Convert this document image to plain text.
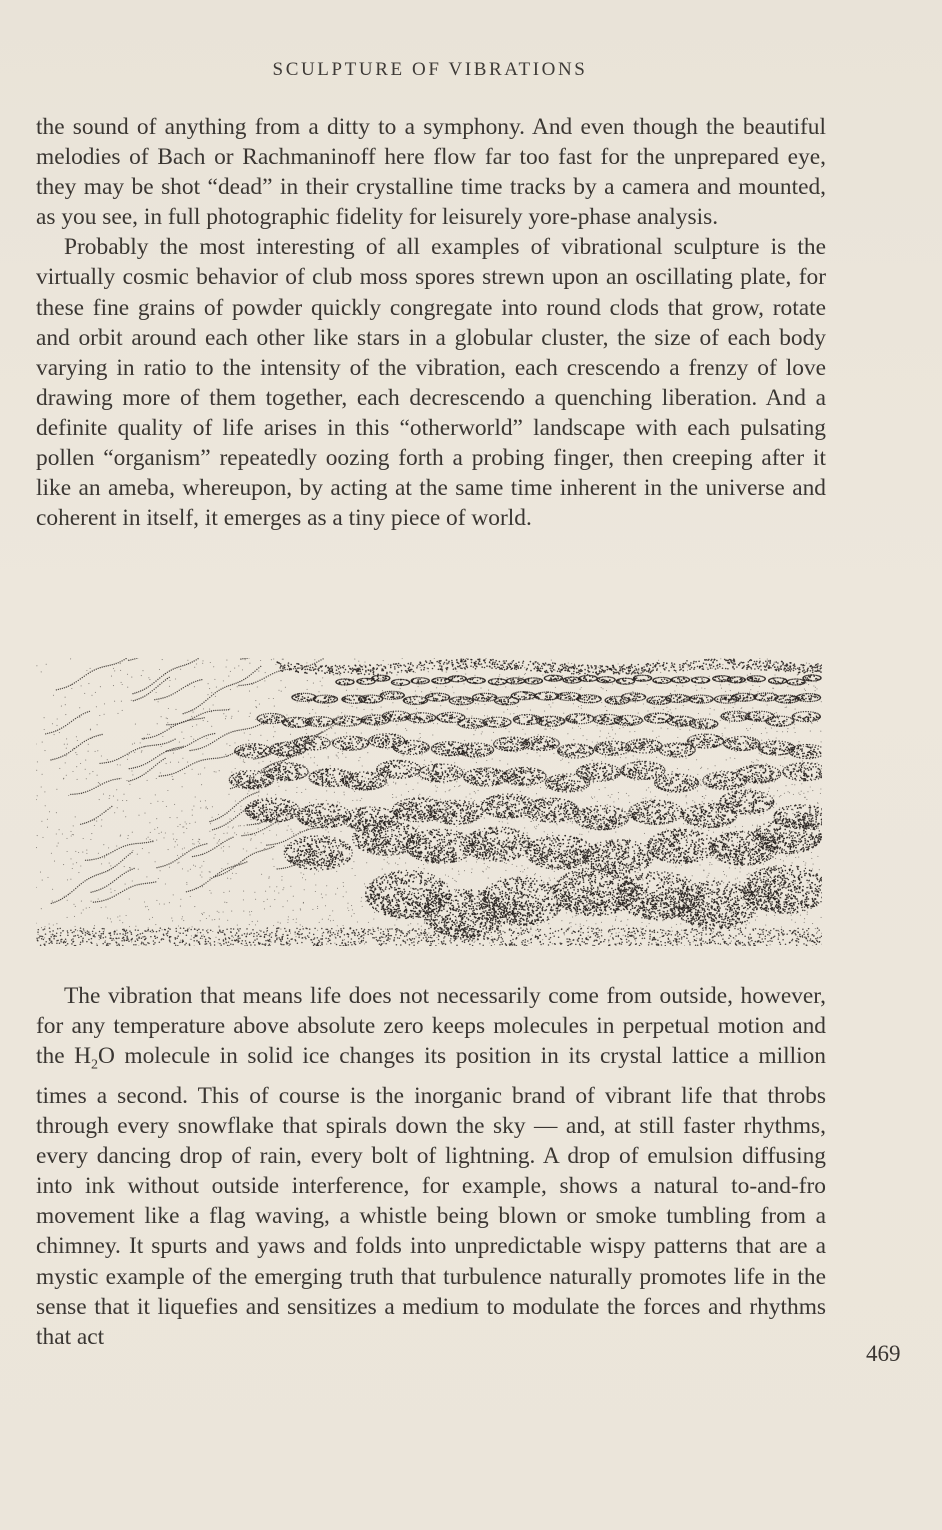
SCULPTURE OF VIBRATIONS

the sound of anything from a ditty to a symphony. And even though the beautiful melodies of Bach or Rachmaninoff here flow far too fast for the unprepared eye, they may be shot “dead” in their crystalline time tracks by a camera and mounted, as you see, in full photographic fidelity for leisurely yore-phase analysis.

Probably the most interesting of all examples of vibrational sculpture is the virtually cosmic behavior of club moss spores strewn upon an oscillating plate, for these fine grains of powder quickly congregate into round clods that grow, rotate and orbit around each other like stars in a globular cluster, the size of each body varying in ratio to the intensity of the vibration, each crescendo a frenzy of love drawing more of them together, each decrescendo a quenching liberation. And a definite quality of life arises in this “otherworld” landscape with each pulsating pollen “organism” repeatedly oozing forth a probing finger, then creeping after it like an ameba, whereupon, by acting at the same time inherent in the universe and coherent in itself, it emerges as a tiny piece of world.

The vibration that means life does not necessarily come from outside, however, for any temperature above absolute zero keeps molecules in perpetual motion and the $H_2O$ molecule in solid ice changes its position in its crystal lattice a million times a second. This of course is the inorganic brand of vibrant life that throbs through every snowflake that spirals down the sky — and, at still faster rhythms, every dancing drop of rain, every bolt of lightning. A drop of emulsion diffusing into ink without outside interference, for example, shows a natural to-and-fro movement like a flag waving, a whistle being blown or smoke tumbling from a chimney. It spurts and yaws and folds into unpredictable wispy patterns that are a mystic example of the emerging truth that turbulence naturally promotes life in the sense that it liquefies and sensitizes a medium to modulate the forces and rhythms that act

469
